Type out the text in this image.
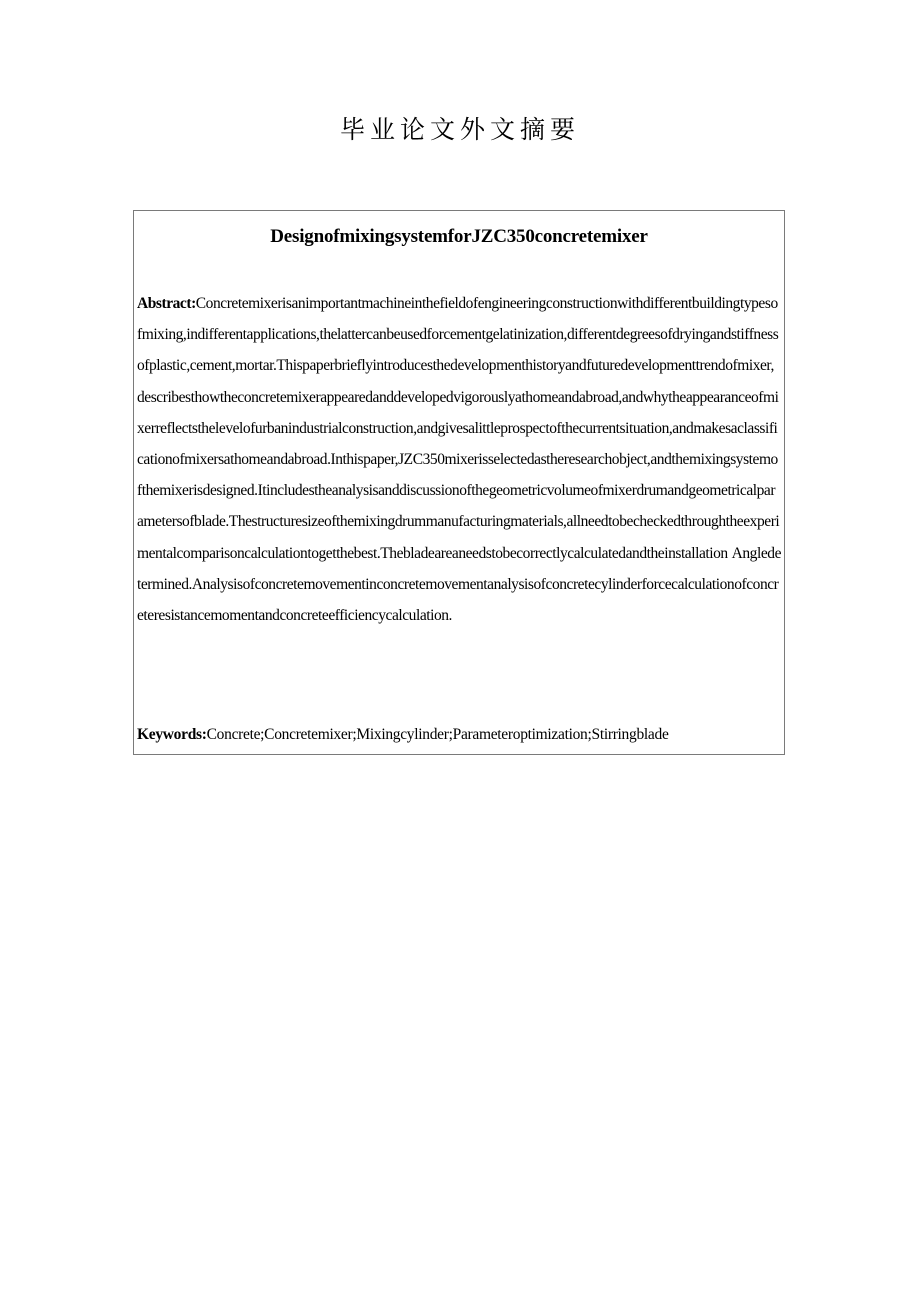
毕业论文外文摘要
DesignofmixingsystemforJZC350concretemixer
Abstract:Concretemixerisanimportantmachineinthefieldofengineeringconstructionwithdifferentbuildingtypesofmixing,indifferentapplications,thelattercanbeusedforcementgelatinization,differentdegreesofdryingandstiffnessofplastic,cement,mortar.Thispaperbrieflyintroducesthedevelopmenthistoryandfuturedevelopmenttrendofmixer,describesthowtheconcretemixerappearedanddevelopedvigorouslyathomeandabroad,andwhytheappearanceofmixerreflectsthelevelofurbanindustrialconstruction,andgivesalittleprospectofthecurrentsituation,andmakesaclassificationofmixersathomeandabroad.Inthispaper,JZC350mixerisselectedastheresearchobject,andthemixingsystemofthemixerisdesigned.Itincludestheanalysisanddiscussionofthegeometricvolumeofmixerdrumandgeometricalparametersofblade.Thestructuresizeofthemixingdrummanufacturingmaterials,allneedtobecheckedthroughtheexperimentalcomparisoncalculationtogetthebest.Thebladeareaneedstobecorrectlycalculatedandtheinstallation Angledetermined.Analysisofconcretemovementinconcretemovementanalysisofconcretecylinderforcecalculationofconcreteresistancemomentandconcreteefficiencycalculation.
Keywords:Concrete;Concretemixer;Mixingcylinder;Parameteroptimization;Stirringblade
